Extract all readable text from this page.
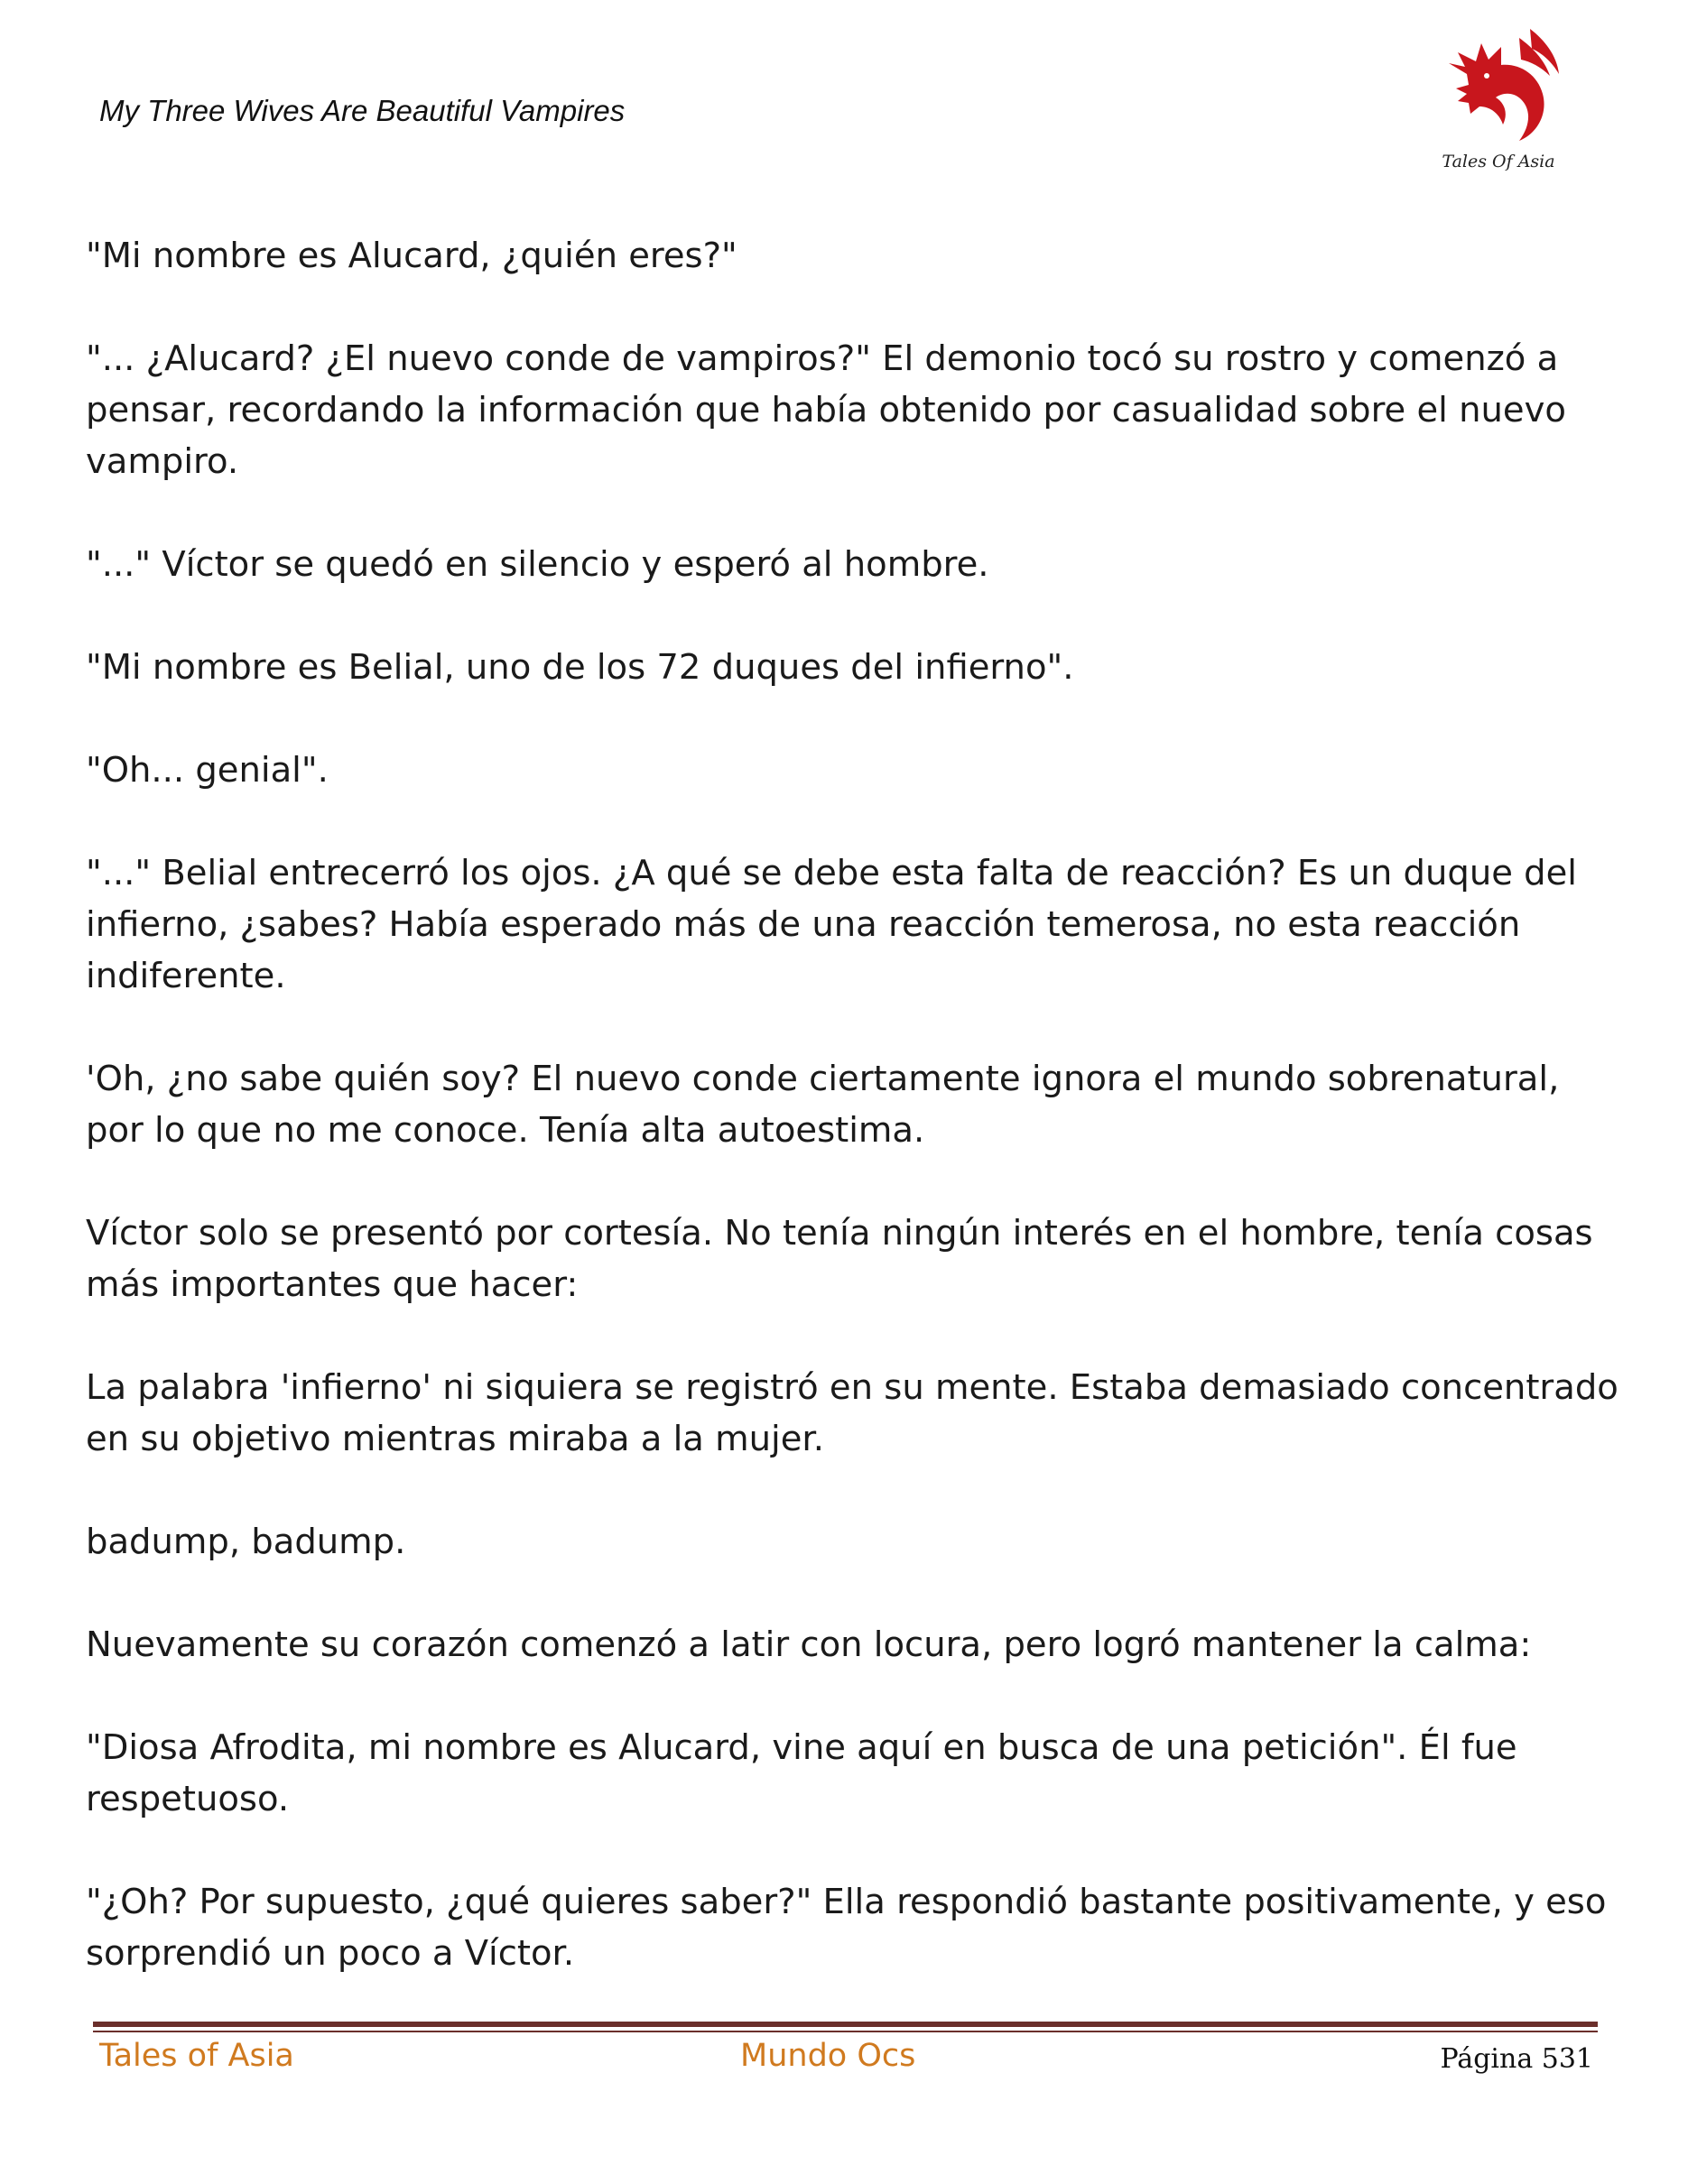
My Three Wives Are Beautiful Vampires
Tales Of Asia

"Mi nombre es Alucard, ¿quién eres?"

"... ¿Alucard? ¿El nuevo conde de vampiros?" El demonio tocó su rostro y comenzó a pensar, recordando la información que había obtenido por casualidad sobre el nuevo vampiro.

"..." Víctor se quedó en silencio y esperó al hombre.

"Mi nombre es Belial, uno de los 72 duques del infierno".

"Oh... genial".

"..." Belial entrecerró los ojos. ¿A qué se debe esta falta de reacción? Es un duque del infierno, ¿sabes? Había esperado más de una reacción temerosa, no esta reacción indiferente.

'Oh, ¿no sabe quién soy? El nuevo conde ciertamente ignora el mundo sobrenatural, por lo que no me conoce. Tenía alta autoestima.

Víctor solo se presentó por cortesía. No tenía ningún interés en el hombre, tenía cosas más importantes que hacer:

La palabra 'infierno' ni siquiera se registró en su mente. Estaba demasiado concentrado en su objetivo mientras miraba a la mujer.

badump, badump.

Nuevamente su corazón comenzó a latir con locura, pero logró mantener la calma:

"Diosa Afrodita, mi nombre es Alucard, vine aquí en busca de una petición". Él fue respetuoso.

"¿Oh? Por supuesto, ¿qué quieres saber?" Ella respondió bastante positivamente, y eso sorprendió un poco a Víctor.

Tales of Asia	Mundo Ocs	Página 531
